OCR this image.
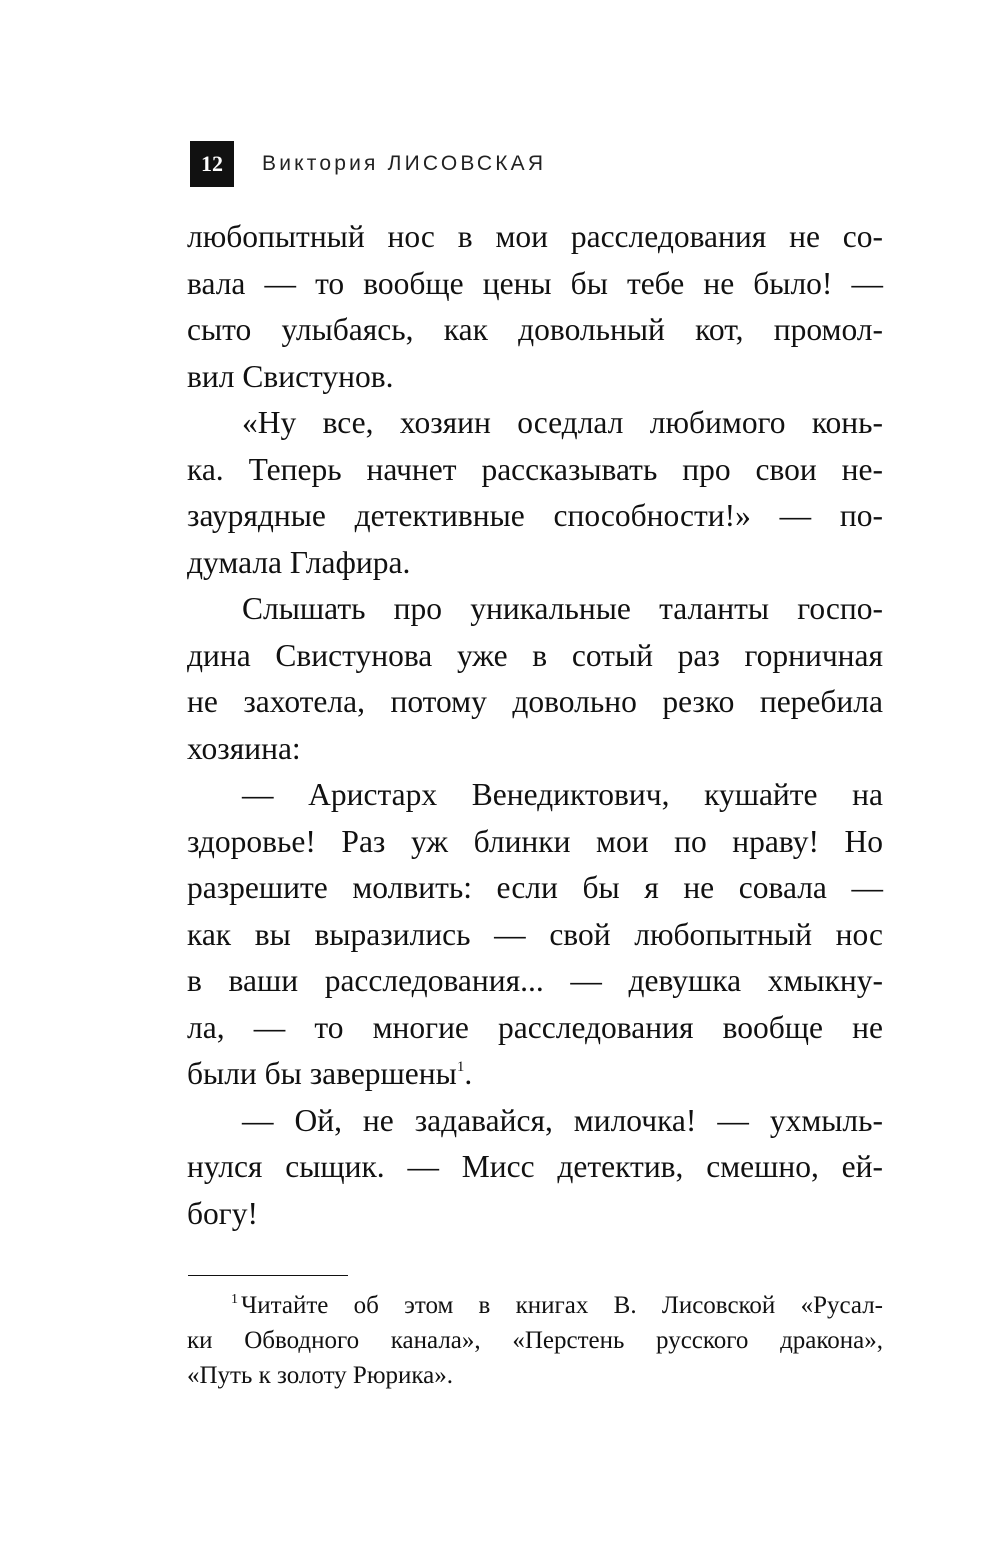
12	Виктория ЛИСОВСКАЯ
любопытный нос в мои расследования не со-
вала — то вообще цены бы тебе не было! —
сыто улыбаясь, как довольный кот, промол-
вил Свистунов.
«Ну все, хозяин оседлал любимого конь-
ка. Теперь начнет рассказывать про свои не-
заурядные детективные способности!» — по-
думала Глафира.
Слышать про уникальные таланты госпо-
дина Свистунова уже в сотый раз горничная
не захотела, потому довольно резко перебила
хозяина:
— Аристарх Венедиктович, кушайте на
здоровье! Раз уж блинки мои по нраву! Но
разрешите молвить: если бы я не совала —
как вы выразились — свой любопытный нос
в ваши расследования... — девушка хмыкну-
ла, — то многие расследования вообще не
были бы завершены$^1$.
— Ой, не задавайся, милочка! — ухмыль-
нулся сыщик. — Мисс детектив, смешно, ей-
богу!
$^1$ Читайте об этом в книгах В. Лисовской «Русал-
ки Обводного канала», «Перстень русского дракона»,
«Путь к золоту Рюрика».
